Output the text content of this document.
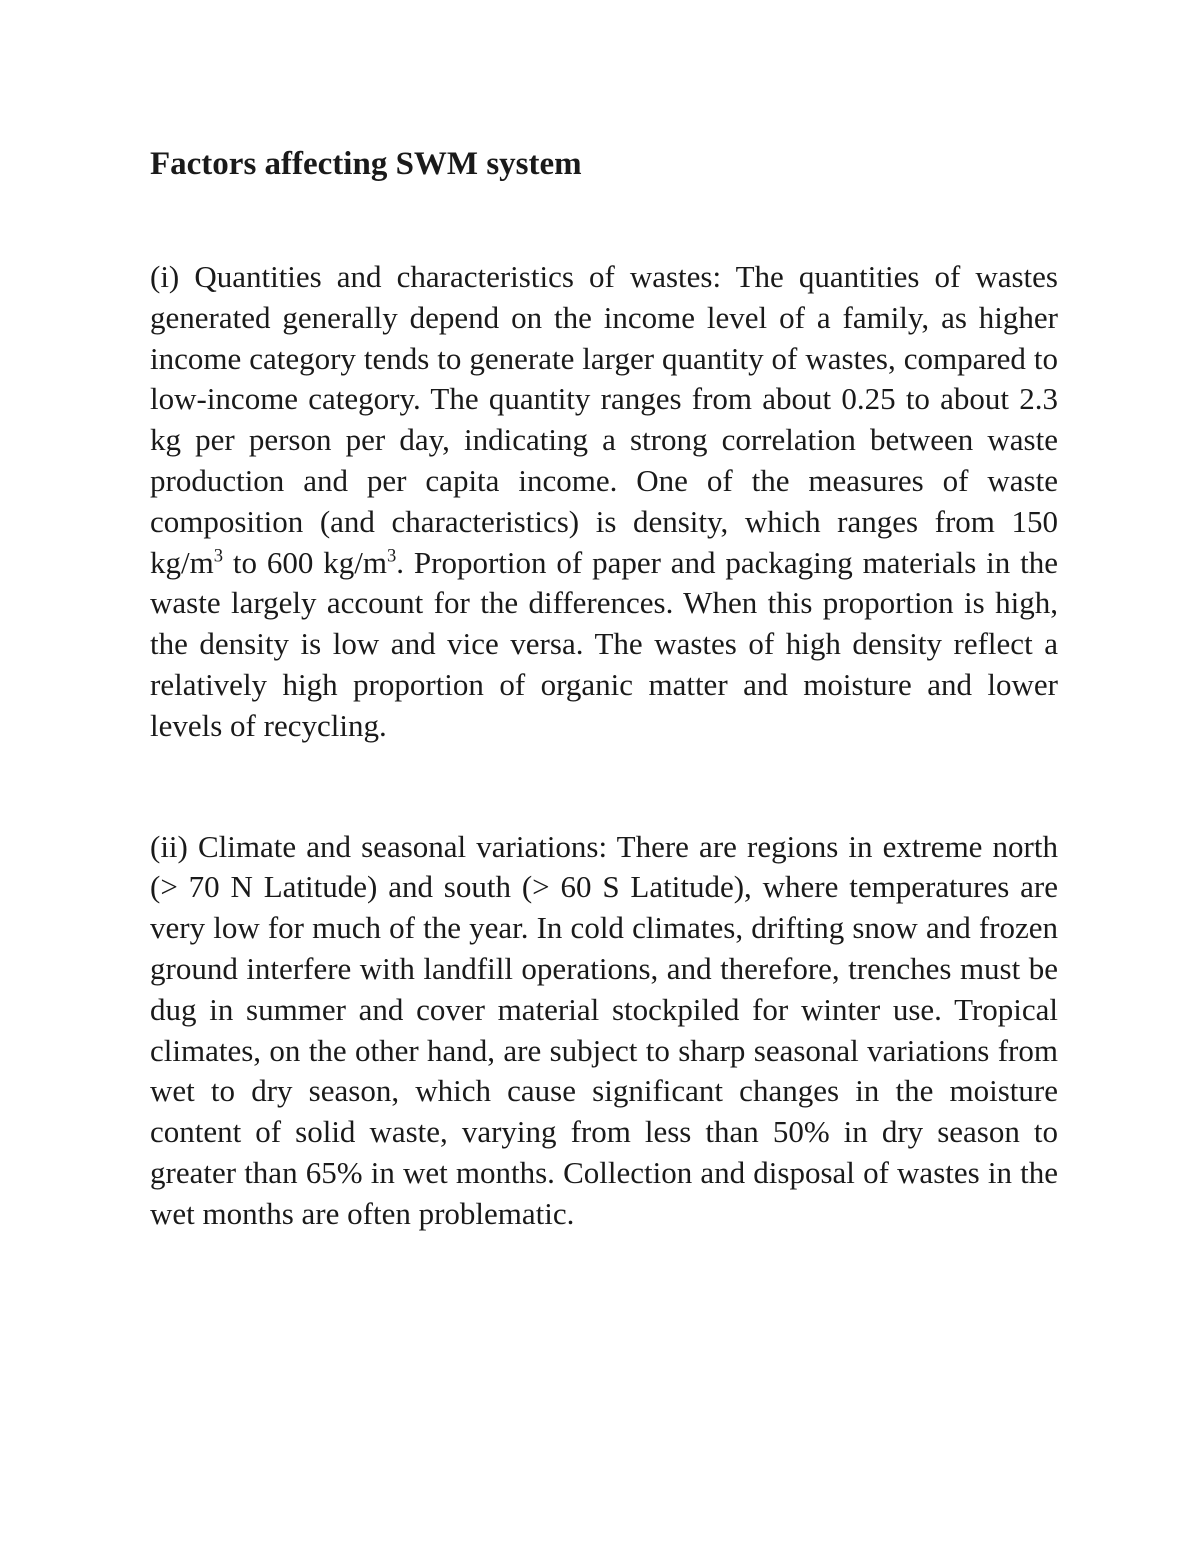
Factors affecting SWM system

(i) Quantities and characteristics of wastes: The quantities of wastes generated generally depend on the income level of a family, as higher income category tends to generate larger quantity of wastes, compared to low-income category. The quantity ranges from about 0.25 to about 2.3 kg per person per day, indicating a strong correlation between waste production and per capita income. One of the measures of waste composition (and characteristics) is density, which ranges from 150 $kg/m^3$ to 600 $kg/m^3$. Proportion of paper and packaging materials in the waste largely account for the differences. When this proportion is high, the density is low and vice versa. The wastes of high density reflect a relatively high proportion of organic matter and moisture and lower levels of recycling.

(ii) Climate and seasonal variations: There are regions in extreme north (> 70 N Latitude) and south (> 60 S Latitude), where temperatures are very low for much of the year. In cold climates, drifting snow and frozen ground interfere with landfill operations, and therefore, trenches must be dug in summer and cover material stockpiled for winter use. Tropical climates, on the other hand, are subject to sharp seasonal variations from wet to dry season, which cause significant changes in the moisture content of solid waste, varying from less than 50% in dry season to greater than 65% in wet months. Collection and disposal of wastes in the wet months are often problematic.
